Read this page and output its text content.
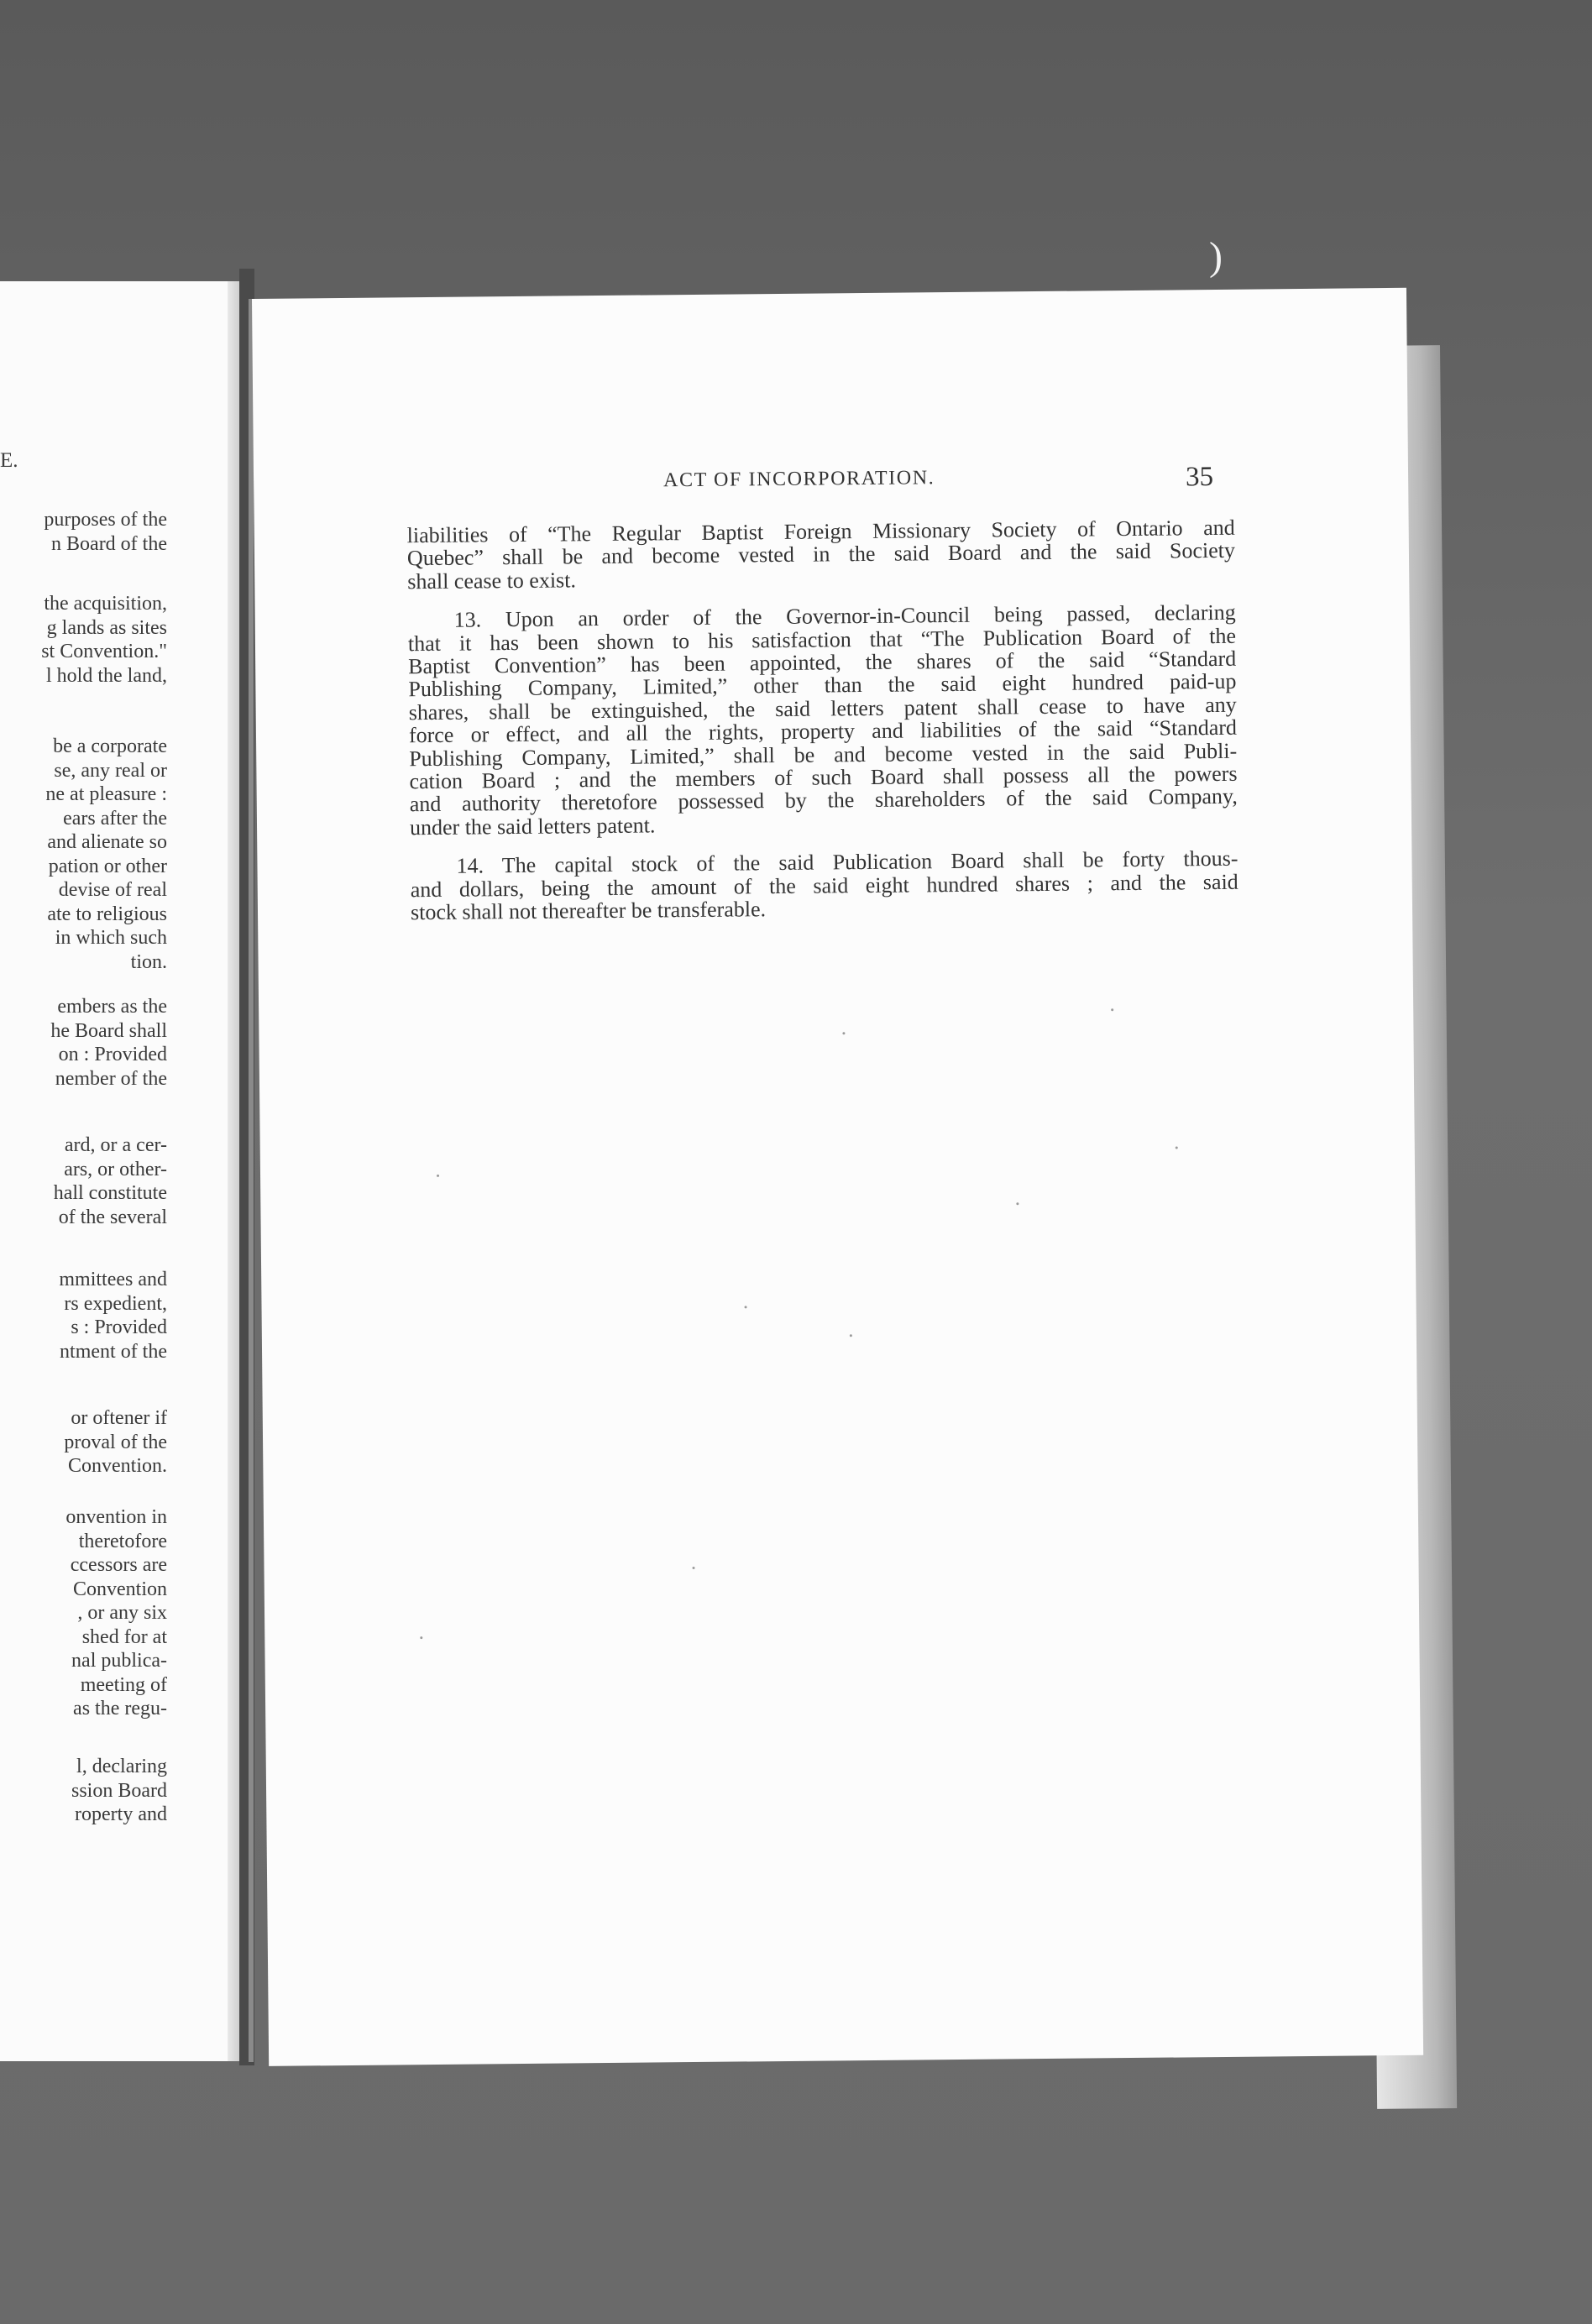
)
E.
purposes of the
n Board of the
the acquisition,
g lands as sites
st Convention."
l hold the land,
be a corporate
se, any real or
ne at pleasure :
ears after the
and alienate so
pation or other
devise of real
ate to religious
in which such
tion.
embers as the
he Board shall
on : Provided
nember of the
ard, or a cer-
ars, or other-
hall constitute
of the several
mmittees and
rs expedient,
s : Provided
ntment of the
or oftener if
proval of the
Convention.
onvention in
theretofore
ccessors are
Convention
, or any six
shed for at
nal publica-
meeting of
as the regu-
l, declaring
ssion Board
roperty and
ACT OF INCORPORATION.	35
liabilities of “The Regular Baptist Foreign Missionary Society of Ontario and
Quebec” shall be and become vested in the said Board and the said Society
shall cease to exist.
13. Upon an order of the Governor-in-Council being passed, declaring
that it has been shown to his satisfaction that “The Publication Board of the
Baptist Convention” has been appointed, the shares of the said “Standard
Publishing Company, Limited,” other than the said eight hundred paid-up
shares, shall be extinguished, the said letters patent shall cease to have any
force or effect, and all the rights, property and liabilities of the said “Standard
Publishing Company, Limited,” shall be and become vested in the said Publi-
cation Board ; and the members of such Board shall possess all the powers
and authority theretofore possessed by the shareholders of the said Company,
under the said letters patent.
14. The capital stock of the said Publication Board shall be forty thous-
and dollars, being the amount of the said eight hundred shares ; and the said
stock shall not thereafter be transferable.
